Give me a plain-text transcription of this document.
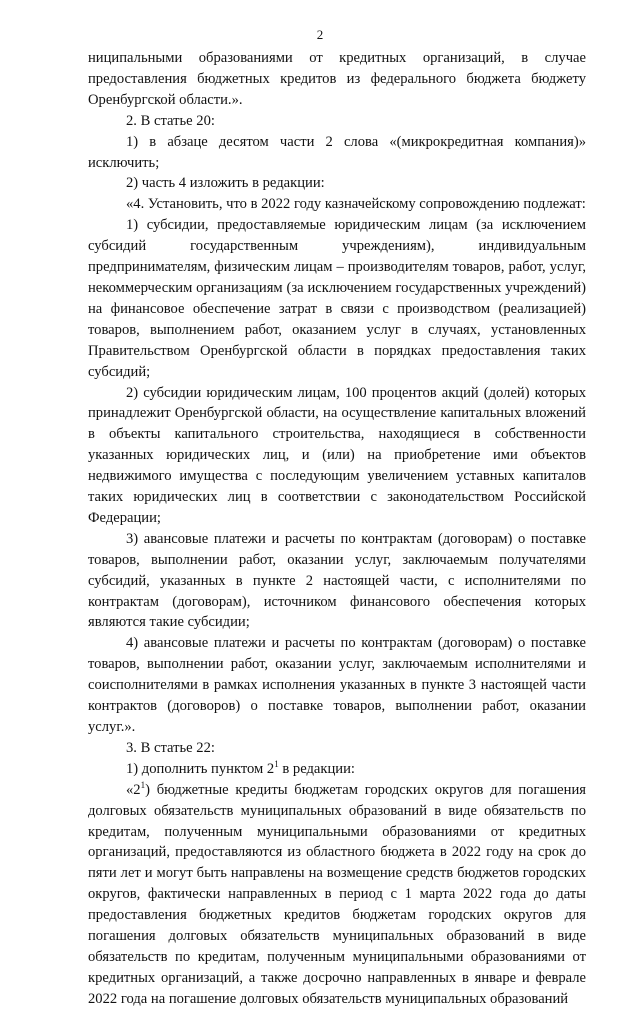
2

ниципальными образованиями от кредитных организаций, в случае предоставления бюджетных кредитов из федерального бюджета бюджету Оренбургской области.».

2. В статье 20:

1) в абзаце десятом части 2 слова «(микрокредитная компания)» исключить;

2) часть 4 изложить в редакции:

«4. Установить, что в 2022 году казначейскому сопровождению подлежат:

1) субсидии, предоставляемые юридическим лицам (за исключением субсидий государственным учреждениям), индивидуальным предпринимателям, физическим лицам – производителям товаров, работ, услуг, некоммерческим организациям (за исключением государственных учреждений) на финансовое обеспечение затрат в связи с производством (реализацией) товаров, выполнением работ, оказанием услуг в случаях, установленных Правительством Оренбургской области в порядках предоставления таких субсидий;

2) субсидии юридическим лицам, 100 процентов акций (долей) которых принадлежит Оренбургской области, на осуществление капитальных вложений в объекты капитального строительства, находящиеся в собственности указанных юридических лиц, и (или) на приобретение ими объектов недвижимого имущества с последующим увеличением уставных капиталов таких юридических лиц в соответствии с законодательством Российской Федерации;

3) авансовые платежи и расчеты по контрактам (договорам) о поставке товаров, выполнении работ, оказании услуг, заключаемым получателями субсидий, указанных в пункте 2 настоящей части, с исполнителями по контрактам (договорам), источником финансового обеспечения которых являются такие субсидии;

4) авансовые платежи и расчеты по контрактам (договорам) о поставке товаров, выполнении работ, оказании услуг, заключаемым исполнителями и соисполнителями в рамках исполнения указанных в пункте 3 настоящей части контрактов (договоров) о поставке товаров, выполнении работ, оказании услуг.».

3. В статье 22:

1) дополнить пунктом $2^1$ в редакции:

«$2^1$) бюджетные кредиты бюджетам городских округов для погашения долговых обязательств муниципальных образований в виде обязательств по кредитам, полученным муниципальными образованиями от кредитных организаций, предоставляются из областного бюджета в 2022 году на срок до пяти лет и могут быть направлены на возмещение средств бюджетов городских округов, фактически направленных в период с 1 марта 2022 года до даты предоставления бюджетных кредитов бюджетам городских округов для погашения долговых обязательств муниципальных образований в виде обязательств по кредитам, полученным муниципальными образованиями от кредитных организаций, а также досрочно направленных в январе и феврале 2022 года на погашение долговых обязательств муниципальных образований
